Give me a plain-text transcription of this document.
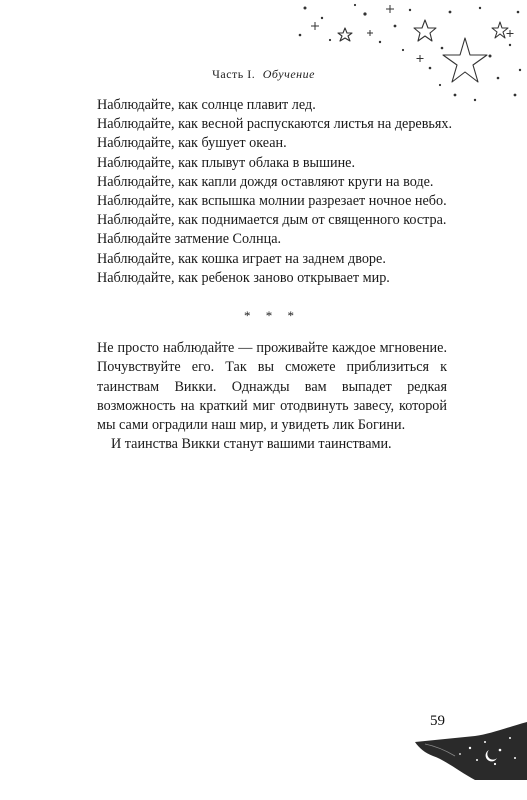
Часть I. Обучение
Наблюдайте, как солнце плавит лед.
Наблюдайте, как весной распускаются листья на деревьях.
Наблюдайте, как бушует океан.
Наблюдайте, как плывут облака в вышине.
Наблюдайте, как капли дождя оставляют круги на воде.
Наблюдайте, как вспышка молнии разрезает ночное небо.
Наблюдайте, как поднимается дым от священного костра.
Наблюдайте затмение Солнца.
Наблюдайте, как кошка играет на заднем дворе.
Наблюдайте, как ребенок заново открывает мир.
* * *
Не просто наблюдайте — проживайте каждое мгновение. Почувствуйте его. Так вы сможете приблизиться к таинствам Викки. Однажды вам выпадет редкая возможность на краткий миг отодвинуть завесу, которой мы сами оградили наш мир, и увидеть лик Богини.
И таинства Викки станут вашими таинствами.
59
